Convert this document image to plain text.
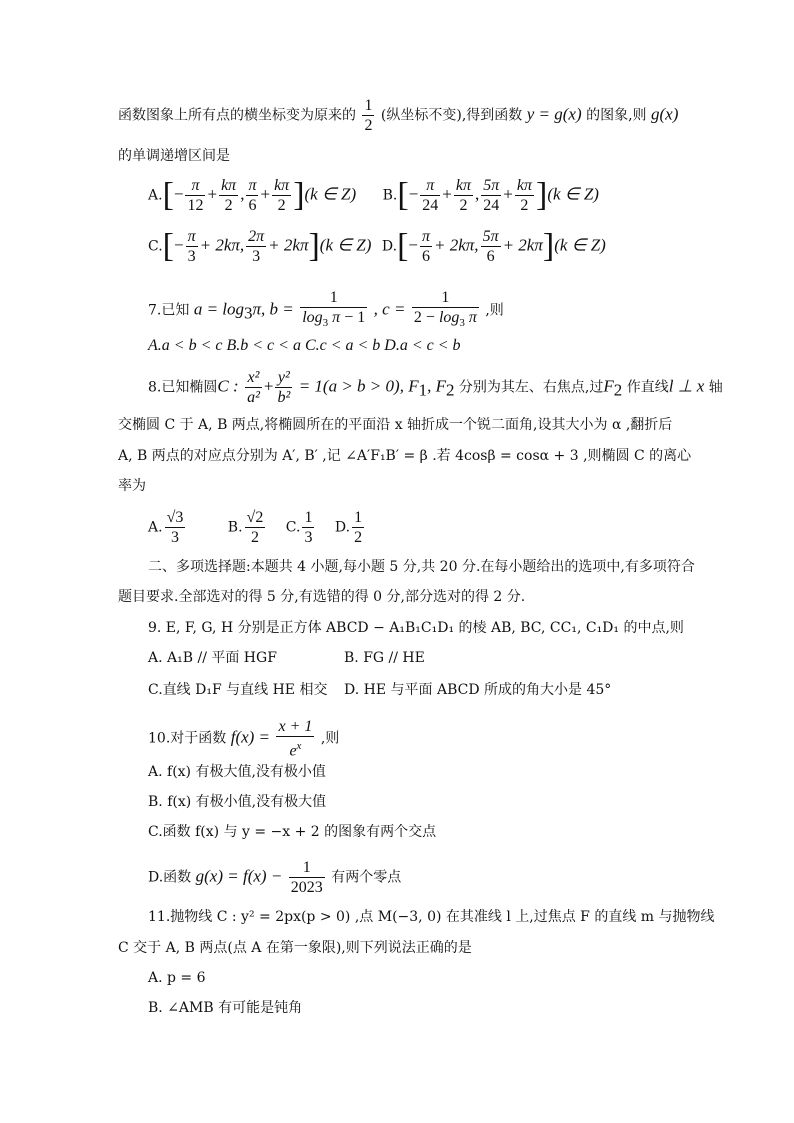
函数图象上所有点的横坐标变为原来的 $\frac{1}{2}$ (纵坐标不变),得到函数 y = g(x) 的图象,则 g(x)
的单调递增区间是
$A.[- \frac{\pi}{12} + \frac{k\pi}{2}$ , $\frac{\pi}{6} + \frac{k\pi}{2} ](k$ ∈ Z) $B.[- \frac{\pi}{24} + \frac{k\pi}{2}$ , $\frac{5\pi}{24} + \frac{k\pi}{2} ](k$ ∈ Z)
$C.[- \frac{\pi}{3} + 2k\pi$, $\frac{2\pi}{3} + 2k\pi](k$ ∈ Z) $D.[- \frac{\pi}{6} + 2k\pi$, $\frac{5\pi}{6} + 2k\pi](k$ ∈ Z)
7.已知 $a = \log_3\pi$, $b = \frac{1}{\log_3 \pi - 1}$ , $c = \frac{1}{2 - \log_3 \pi}$ ,则
A.a < b < c B.b < c < a C.c < a < b D.a < c < b
8.已知椭圆C : $\frac{\text{x²}}{\text{a²}} + \frac{\text{y²}}{\text{b²}} = 1(a > b > 0)$, $F_1$, $F_2$ 分别为其左、右焦点,过$F_2$ 作直线l ⊥ x 轴
交椭圆 C 于 A, B 两点,将椭圆所在的平面沿 x 轴折成一个锐二面角,设其大小为 α ,翻折后
A, B 两点的对应点分别为 A′, B′ ,记 ∠A′F₁B′ = β .若 4cosβ = cosα + 3 ,则椭圆 C 的离心
率为
A. $\frac{√3}{3}$	B. $\frac{√2}{2} C$. $\frac{1}{3} D$. $\frac{1}{2}$
二、多项选择题:本题共 4 小题,每小题 5 分,共 20 分.在每小题给出的选项中,有多项符合
题目要求.全部选对的得 5 分,有选错的得 0 分,部分选对的得 2 分.
9. E, F, G, H 分别是正方体 ABCD − A₁B₁C₁D₁ 的棱 AB, BC, CC₁, C₁D₁ 的中点,则
A. A₁B // 平面 HGF	B. FG // HE
C.直线 D₁F 与直线 HE 相交 D. HE 与平面 ABCD 所成的角大小是 45°
10.对于函数 $f(x) = \frac{x + 1}{e^x}$ ,则
A. f(x) 有极大值,没有极小值
B. f(x) 有极小值,没有极大值
C.函数 f(x) 与 y = −x + 2 的图象有两个交点
D.函数 $g(x) = f(x) - \frac{1}{2023}$ 有两个零点
11.抛物线 C : y² = 2px(p > 0) ,点 M(−3, 0) 在其准线 l 上,过焦点 F 的直线 m 与抛物线
C 交于 A, B 两点(点 A 在第一象限),则下列说法正确的是
A. p = 6
B. ∠AMB 有可能是钝角
